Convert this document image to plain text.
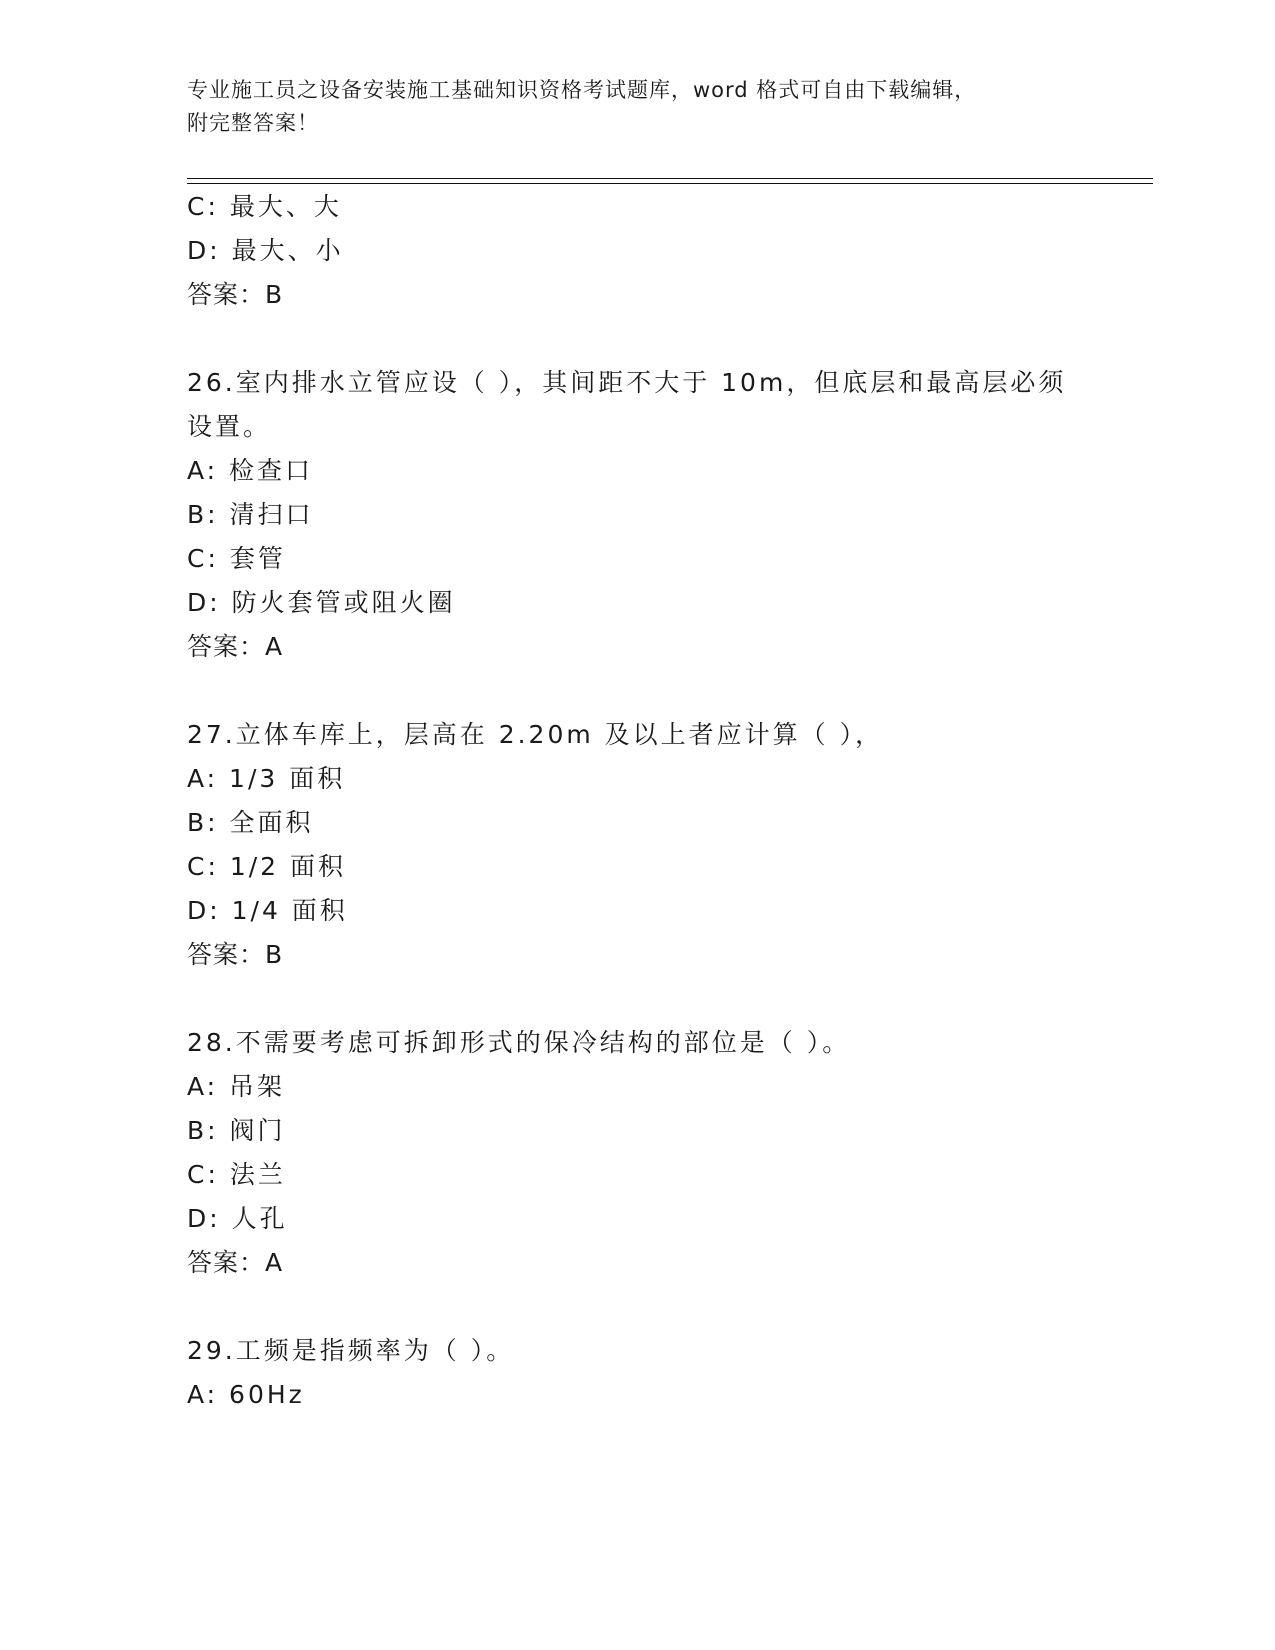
专业施工员之设备安装施工基础知识资格考试题库，word 格式可自由下载编辑，
附完整答案！
C: 最大、大
D: 最大、小
答案：B
26.室内排水立管应设（ ），其间距不大于 10m，但底层和最高层必须
设置。
A: 检查口
B: 清扫口
C: 套管
D: 防火套管或阻火圈
答案：A
27.立体车库上，层高在 2.20m 及以上者应计算（ ），
A: 1/3 面积
B: 全面积
C: 1/2 面积
D: 1/4 面积
答案：B
28.不需要考虑可拆卸形式的保冷结构的部位是（ ）。
A: 吊架
B: 阀门
C: 法兰
D: 人孔
答案：A
29.工频是指频率为（ ）。
A: 60Hz
